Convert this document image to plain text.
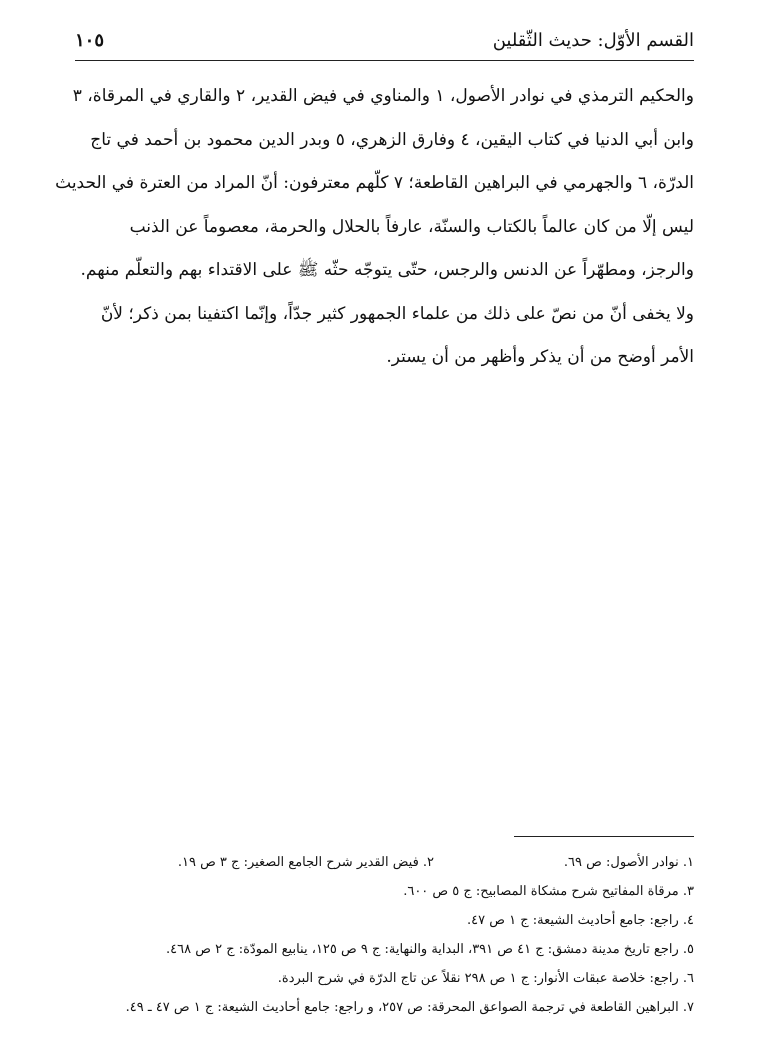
القسم الأوّل: حديث الثّقلين
١٠٥
والحكيم الترمذي في نوادر الأصول، ١ والمناوي في فيض القدير، ٢ والقاري في المرقاة، ٣
وابن أبي الدنيا في كتاب اليقين، ٤ وفارق الزهري، ٥ وبدر الدين محمود بن أحمد في تاج
الدرّة، ٦ والجهرمي في البراهين القاطعة؛ ٧ كلّهم معترفون: أنّ المراد من العترة في الحديث
ليس إلّا من كان عالماً بالكتاب والسنّة، عارفاً بالحلال والحرمة، معصوماً عن الذنب
والرجز، ومطهّراً عن الدنس والرجس، حتّى يتوجّه حثّه ﷺ على الاقتداء بهم والتعلّم منهم.
ولا يخفى أنّ من نصّ على ذلك من علماء الجمهور كثير جدّاً، وإنّما اكتفينا بمن ذكر؛ لأنّ
الأمر أوضح من أن يذكر وأظهر من أن يستر.
١. نوادر الأصول: ص ٦٩.
٢. فيض القدير شرح الجامع الصغير: ج ٣ ص ١٩.
٣. مرقاة المفاتيح شرح مشكاة المصابيح: ج ٥ ص ٦٠٠.
٤. راجع: جامع أحاديث الشيعة: ج ١ ص ٤٧.
٥. راجع تاريخ مدينة دمشق: ج ٤١ ص ٣٩١، البداية والنهاية: ج ٩ ص ١٢٥، ينابيع المودّة: ج ٢ ص ٤٦٨.
٦. راجع: خلاصة عبقات الأنوار: ج ١ ص ٢٩٨ نقلاً عن تاج الدرّة في شرح البردة.
٧. البراهين القاطعة في ترجمة الصواعق المحرقة: ص ٢٥٧، و راجع: جامع أحاديث الشيعة: ج ١ ص ٤٧ ـ ٤٩.
